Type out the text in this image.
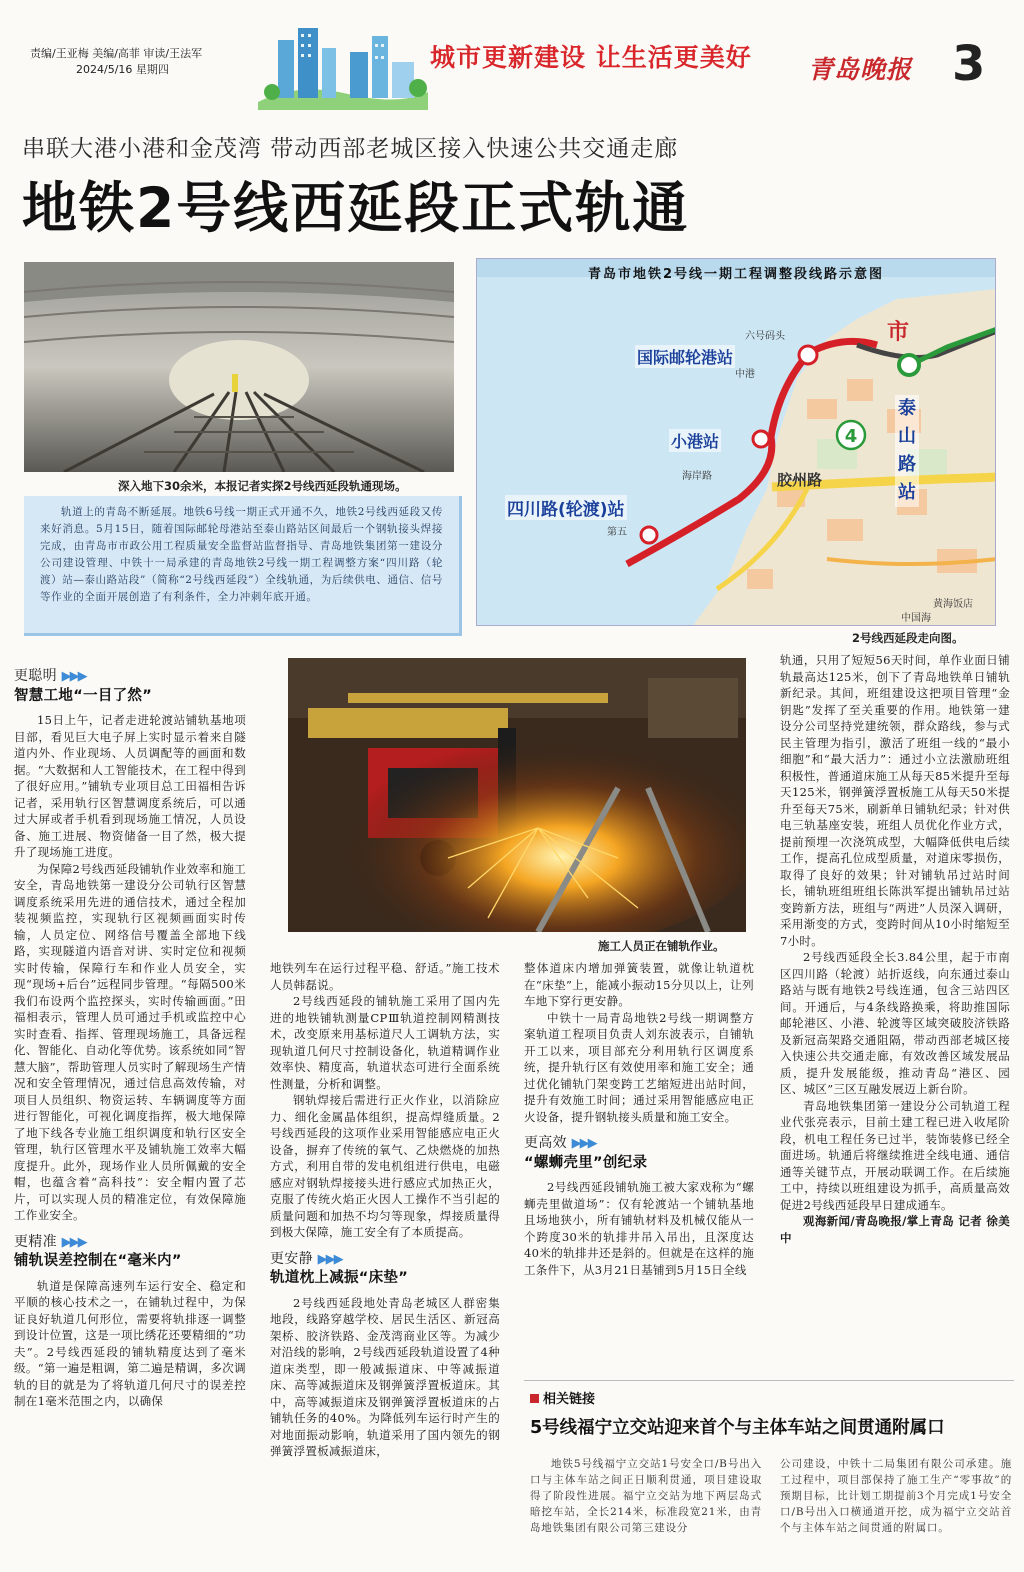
责编/王亚梅 美编/高菲 审读/王法军
2024/5/16 星期四	城市更新建设 让生活更美好 青岛晚报 3
串联大港小港和金茂湾 带动西部老城区接入快速公共交通走廊
地铁2号线西延段正式轨通
深入地下30余米，本报记者实探2号线西延段轨通现场。
轨道上的青岛不断延展。地铁6号线一期正式开通不久，地铁2号线西延段又传来好消息。5月15日，随着国际邮轮母港站至泰山路站区间最后一个钢轨接头焊接完成，由青岛市市政公用工程质量安全监督站监督指导、青岛地铁集团第一建设分公司建设管理、中铁十一局承建的青岛地铁2号线一期工程调整方案“四川路（轮渡）站—泰山路站段”（简称“2号线西延段”）全线轨通，为后续供电、通信、信号等作业的全面开展创造了有利条件，全力冲刺年底开通。
青岛市地铁2号线一期工程调整段线路示意图
4
六号码头
中港
海岸路
第五
黄海饭店
中国海
胶州路
市
国际邮轮港站
小港站
四川路(轮渡)站
泰山路站
2号线西延段走向图。
施工人员正在铺轨作业。
更聪明 ▶▶▶
智慧工地“一目了然”

15日上午，记者走进轮渡站铺轨基地项目部，看见巨大电子屏上实时显示着来自隧道内外、作业现场、人员调配等的画面和数据。“大数据和人工智能技术，在工程中得到了很好应用。”铺轨专业项目总工田福相告诉记者，采用轨行区智慧调度系统后，可以通过大屏或者手机看到现场施工情况，人员设备、施工进展、物资储备一目了然，极大提升了现场施工进度。

为保障2号线西延段铺轨作业效率和施工安全，青岛地铁第一建设分公司轨行区智慧调度系统采用先进的通信技术，通过全程加装视频监控，实现轨行区视频画面实时传输，人员定位、网络信号覆盖全部地下线路，实现隧道内语音对讲、实时定位和视频实时传输，保障行车和作业人员安全，实现“现场+后台”远程同步管理。“每隔500米我们布设两个监控探头，实时传输画面。”田福相表示，管理人员可通过手机或监控中心实时查看、指挥、管理现场施工，具备远程化、智能化、自动化等优势。该系统如同“智慧大脑”，帮助管理人员实时了解现场生产情况和安全管理情况，通过信息高效传输，对项目人员组织、物资运转、车辆调度等方面进行智能化，可视化调度指挥，极大地保障了地下线各专业施工组织调度和轨行区安全管理，轨行区管理水平及铺轨施工效率大幅度提升。此外，现场作业人员所佩戴的安全帽，也蕴含着“高科技”：安全帽内置了芯片，可以实现人员的精准定位，有效保障施工作业安全。

更精准 ▶▶▶
铺轨误差控制在“毫米内”

轨道是保障高速列车运行安全、稳定和平顺的核心技术之一，在铺轨过程中，为保证良好轨道几何形位，需要将轨排逐一调整到设计位置，这是一项比绣花还要精细的“功夫”。2号线西延段的铺轨精度达到了毫米级。“第一遍是粗调，第二遍是精调，多次调轨的目的就是为了将轨道几何尺寸的误差控制在1毫米范围之内，以确保

地铁列车在运行过程平稳、舒适。”施工技术人员韩磊说。

2号线西延段的铺轨施工采用了国内先进的地铁铺轨测量CPⅢ轨道控制网精测技术，改变原来用基标道尺人工调轨方法，实现轨道几何尺寸控制设备化，轨道精调作业效率快、精度高，轨道状态可进行全面系统性测量，分析和调整。

钢轨焊接后需进行正火作业，以消除应力、细化金属晶体组织，提高焊缝质量。2号线西延段的这项作业采用智能感应电正火设备，摒弃了传统的氧气、乙炔燃烧的加热方式，利用自带的发电机组进行供电，电磁感应对钢轨焊接接头进行感应式加热正火，克服了传统火焰正火因人工操作不当引起的质量问题和加热不均匀等现象，焊接质量得到极大保障，施工安全有了本质提高。

更安静 ▶▶▶
轨道枕上减振“床垫”

2号线西延段地处青岛老城区人群密集地段，线路穿越学校、居民生活区、新冠高架桥、胶济铁路、金茂湾商业区等。为减少对沿线的影响，2号线西延段轨道设置了4种道床类型，即一般减振道床、中等减振道床、高等减振道床及钢弹簧浮置板道床。其中，高等减振道床及钢弹簧浮置板道床的占铺轨任务的40%。为降低列车运行时产生的对地面振动影响，轨道采用了国内领先的钢弹簧浮置板减振道床，

整体道床内增加弹簧装置，就像让轨道枕在“床垫”上，能减小振动15分贝以上，让列车地下穿行更安静。

中铁十一局青岛地铁2号线一期调整方案轨道工程项目负责人刘东波表示，自铺轨开工以来，项目部充分利用轨行区调度系统，提升轨行区有效使用率和施工安全；通过优化铺轨门架变跨工艺缩短进出站时间，提升有效施工时间；通过采用智能感应电正火设备，提升钢轨接头质量和施工安全。

更高效 ▶▶▶
“螺蛳壳里”创纪录

2号线西延段铺轨施工被大家戏称为“螺蛳壳里做道场”：仅有轮渡站一个铺轨基地且场地狭小，所有铺轨材料及机械仅能从一个跨度30米的轨排井吊入吊出，且深度达40米的轨排井还是斜的。但就是在这样的施工条件下，从3月21日基铺到5月15日全线

轨通，只用了短短56天时间，单作业面日铺轨最高达125米，创下了青岛地铁单日铺轨新纪录。其间，班组建设这把项目管理“金钥匙”发挥了至关重要的作用。地铁第一建设分公司坚持党建统领，群众路线，参与式民主管理为指引，激活了班组一线的“最小细胞”和“最大活力”：通过小立法激励班组积极性，普通道床施工从每天85米提升至每天125米，钢弹簧浮置板施工从每天50米提升至每天75米，刷新单日铺轨纪录；针对供电三轨基座安装，班组人员优化作业方式，提前预埋一次浇筑成型，大幅降低供电后续工作，提高孔位成型质量，对道床零损伤，取得了良好的效果；针对铺轨吊过站时间长，铺轨班组班组长陈洪军提出铺轨吊过站变跨新方法，班组与“两进”人员深入调研，采用渐变的方式，变跨时间从10小时缩短至7小时。

2号线西延段全长3.84公里，起于市南区四川路（轮渡）站折返线，向东通过泰山路站与既有地铁2号线连通，包含三站四区间。开通后，与4条线路换乘，将助推国际邮轮港区、小港、轮渡等区域突破胶济铁路及新冠高架路交通阻隔，带动西部老城区接入快速公共交通走廊，有效改善区域发展品质，提升发展能级，推动青岛“港区、园区、城区”三区互融发展迈上新台阶。

青岛地铁集团第一建设分公司轨道工程业代张亮表示，目前土建工程已进入收尾阶段，机电工程任务已过半，装饰装修已经全面进场。轨通后将继续推进全线电通、通信通等关键节点，开展动联调工作。在后续施工中，持续以班组建设为抓手，高质量高效促进2号线西延段早日建成通车。

观海新闻/青岛晚报/掌上青岛 记者 徐美中

相关链接
5号线福宁立交站迎来首个与主体车站之间贯通附属口

地铁5号线福宁立交站1号安全口/B号出入口与主体车站之间正日顺利贯通，项目建设取得了阶段性进展。福宁立交站为地下两层岛式暗挖车站，全长214米，标准段宽21米，由青岛地铁集团有限公司第三建设分

公司建设，中铁十二局集团有限公司承建。施工过程中，项目部保持了施工生产“零事故”的预期目标，比计划工期提前3个月完成1号安全口/B号出入口横通道开挖，成为福宁立交站首个与主体车站之间贯通的附属口。
